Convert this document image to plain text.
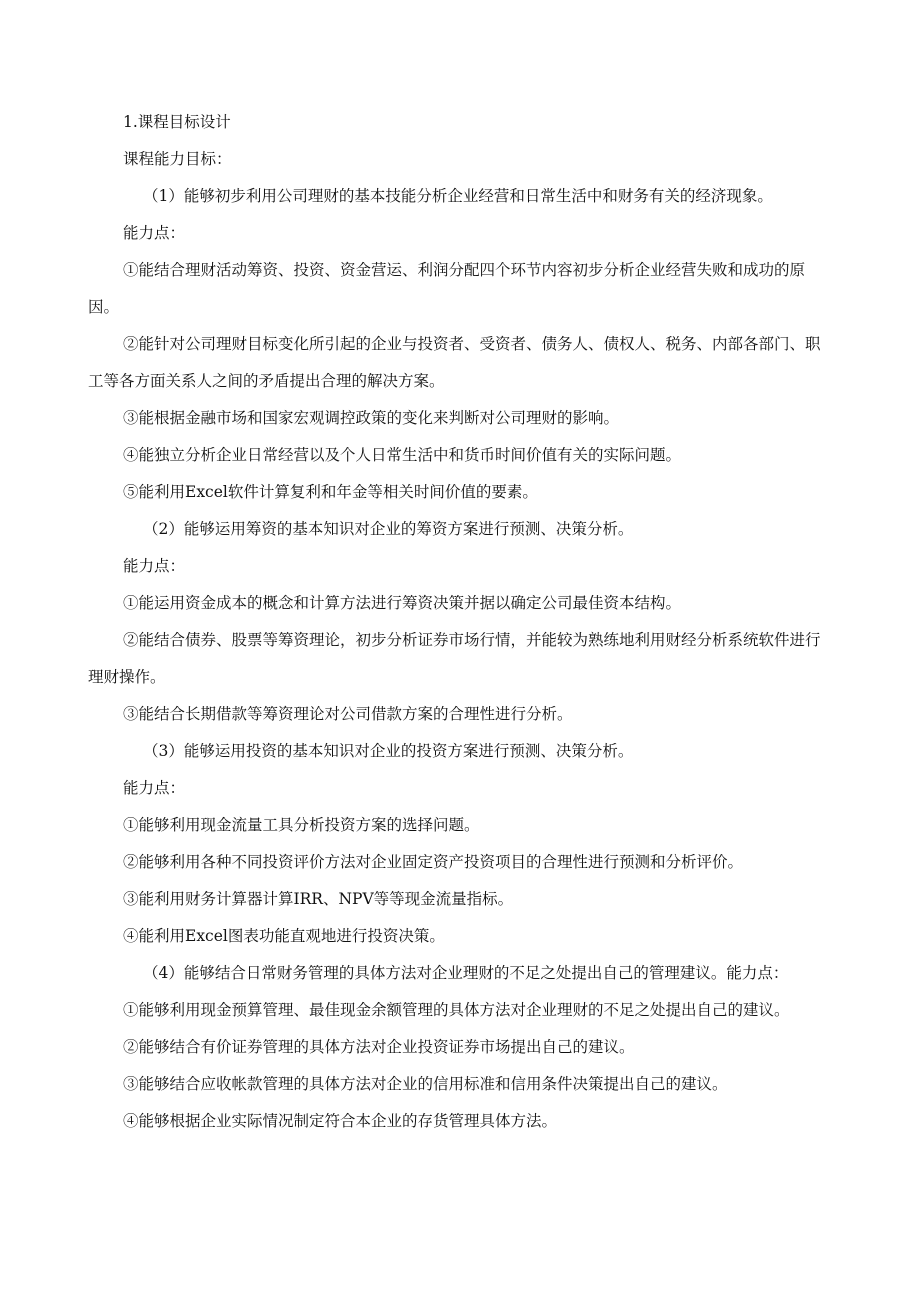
1.课程目标设计

课程能力目标：

（1）能够初步利用公司理财的基本技能分析企业经营和日常生活中和财务有关的经济现象。

能力点：

①能结合理财活动筹资、投资、资金营运、利润分配四个环节内容初步分析企业经营失败和成功的原因。

②能针对公司理财目标变化所引起的企业与投资者、受资者、债务人、债权人、税务、内部各部门、职工等各方面关系人之间的矛盾提出合理的解决方案。

③能根据金融市场和国家宏观调控政策的变化来判断对公司理财的影响。

④能独立分析企业日常经营以及个人日常生活中和货币时间价值有关的实际问题。

⑤能利用Excel软件计算复利和年金等相关时间价值的要素。

（2）能够运用筹资的基本知识对企业的筹资方案进行预测、决策分析。

能力点：

①能运用资金成本的概念和计算方法进行筹资决策并据以确定公司最佳资本结构。

②能结合债券、股票等筹资理论，初步分析证券市场行情，并能较为熟练地利用财经分析系统软件进行理财操作。

③能结合长期借款等筹资理论对公司借款方案的合理性进行分析。

（3）能够运用投资的基本知识对企业的投资方案进行预测、决策分析。

能力点：

①能够利用现金流量工具分析投资方案的选择问题。

②能够利用各种不同投资评价方法对企业固定资产投资项目的合理性进行预测和分析评价。

③能利用财务计算器计算IRR、NPV等等现金流量指标。

④能利用Excel图表功能直观地进行投资决策。

（4）能够结合日常财务管理的具体方法对企业理财的不足之处提出自己的管理建议。能力点：

①能够利用现金预算管理、最佳现金余额管理的具体方法对企业理财的不足之处提出自己的建议。

②能够结合有价证券管理的具体方法对企业投资证券市场提出自己的建议。

③能够结合应收帐款管理的具体方法对企业的信用标准和信用条件决策提出自己的建议。

④能够根据企业实际情况制定符合本企业的存货管理具体方法。
